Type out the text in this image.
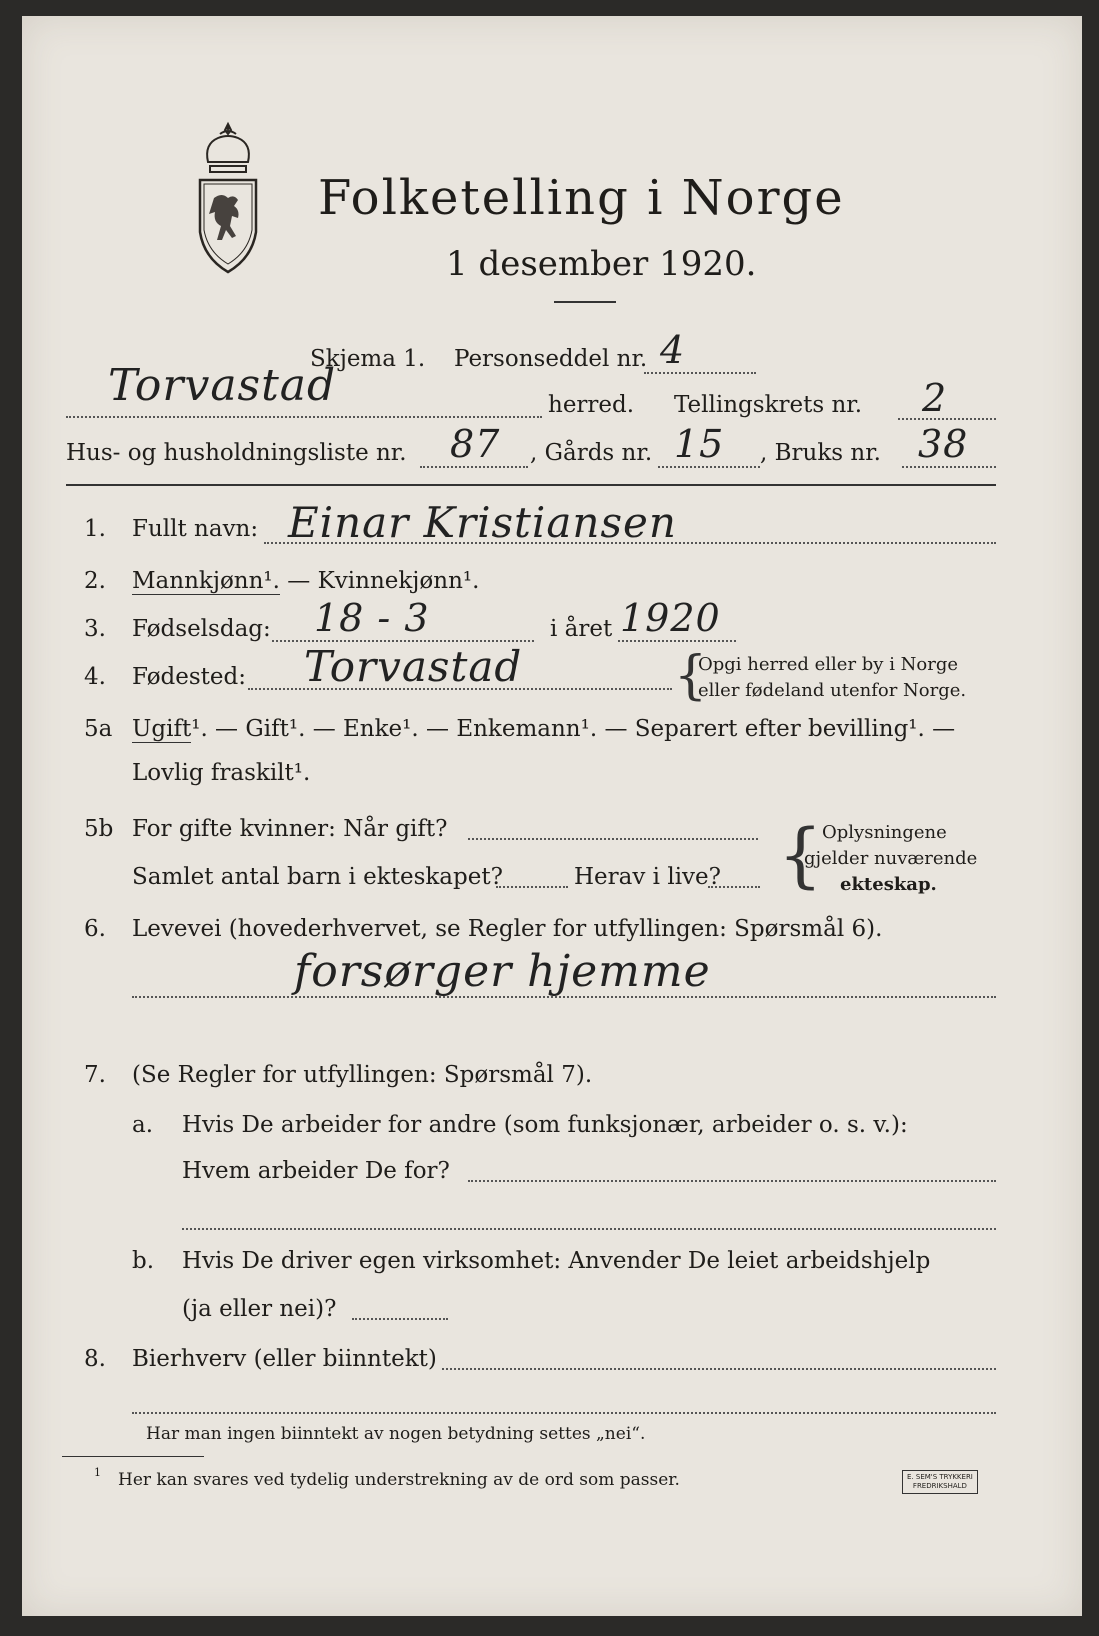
Folketelling i Norge
1 desember 1920.
Skjema 1. Personseddel nr. 4
Torvastad	herred. Tellingskrets nr. 2
Hus- og husholdningsliste nr. 87 , Gårds nr. 15 , Bruks nr. 38
1. Fullt navn: Einar Kristiansen
2. Mannkjønn¹. — Kvinnekjønn¹.
3. Fødselsdag: 18 - 3	i året 1920
4. Fødested: Torvastad	{
Opgi herred eller by i Norge
eller fødeland utenfor Norge.
5a Ugift¹. — Gift¹. — Enke¹. — Enkemann¹. — Separert efter bevilling¹. —
Lovlig fraskilt¹.
5b For gifte kvinner: Når gift?
Samlet antal barn i ekteskapet?	Herav i live? { Oplysningene
gjelder nuværende
ekteskap.
6. Levevei (hovederhvervet, se Regler for utfyllingen: Spørsmål 6).
forsørger hjemme
7. (Se Regler for utfyllingen: Spørsmål 7).
a. Hvis De arbeider for andre (som funksjonær, arbeider o. s. v.):
Hvem arbeider De for?
b. Hvis De driver egen virksomhet: Anvender De leiet arbeidshjelp
(ja eller nei)?
8. Bierhverv (eller biinntekt)
Har man ingen biinntekt av nogen betydning settes „nei“.
1 Her kan svares ved tydelig understrekning av de ord som passer.	E. SEM'S TRYKKERI
FREDRIKSHALD
